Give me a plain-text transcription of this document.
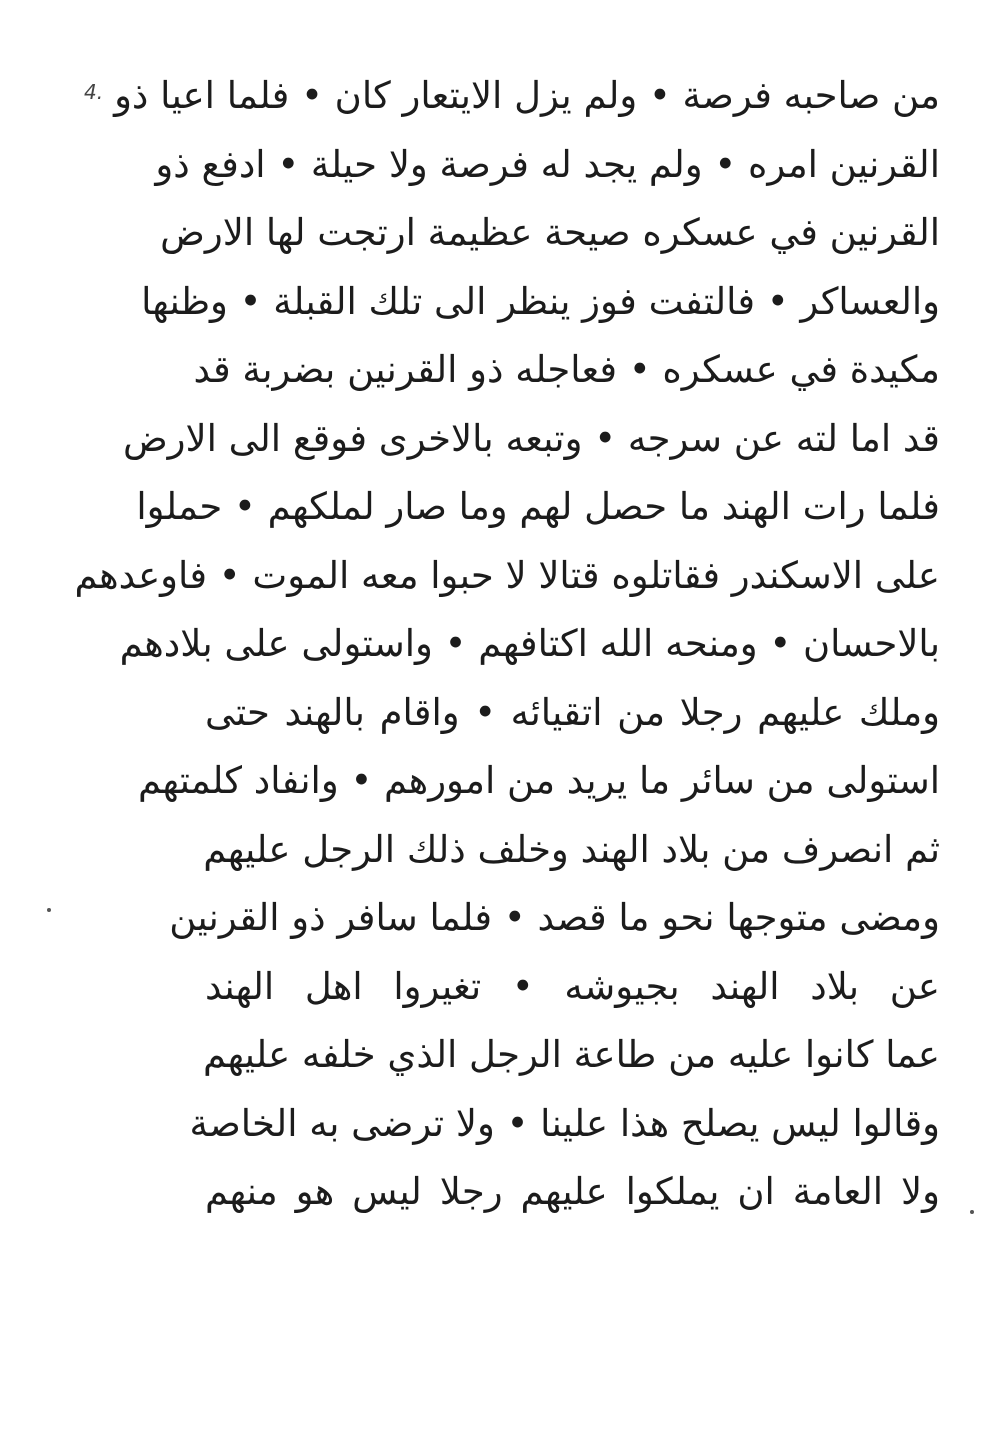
4. من صاحبه فرصة • ولم يزل الايتعار كان • فلما اعيا ذو
القرنين امره • ولم يجد له فرصة ولا حيلة • ادفع ذو
القرنين في عسكره صيحة عظيمة ارتجت لها الارض
والعساكر • فالتفت فوز ينظر الى تلك القبلة • وظنها
مكيدة في عسكره • فعاجله ذو القرنين بضربة قد
قد اما لته عن سرجه • وتبعه بالاخرى فوقع الى الارض
فلما رات الهند ما حصل لهم وما صار لملكهم • حملوا
على الاسكندر فقاتلوه قتالا لا حبوا معه الموت • فاوعدهم
بالاحسان • ومنحه الله اكتافهم • واستولى على بلادهم
وملك عليهم رجلا من اتقيائه • واقام بالهند حتى
استولى من سائر ما يريد من امورهم • وانفاد كلمتهم
ثم انصرف من بلاد الهند وخلف ذلك الرجل عليهم
ومضى متوجها نحو ما قصد • فلما سافر ذو القرنين
عن بلاد الهند بجيوشه • تغيروا اهل الهند
عما كانوا عليه من طاعة الرجل الذي خلفه عليهم
وقالوا ليس يصلح هذا علينا • ولا ترضى به الخاصة
ولا العامة ان يملكوا عليهم رجلا ليس هو منهم
